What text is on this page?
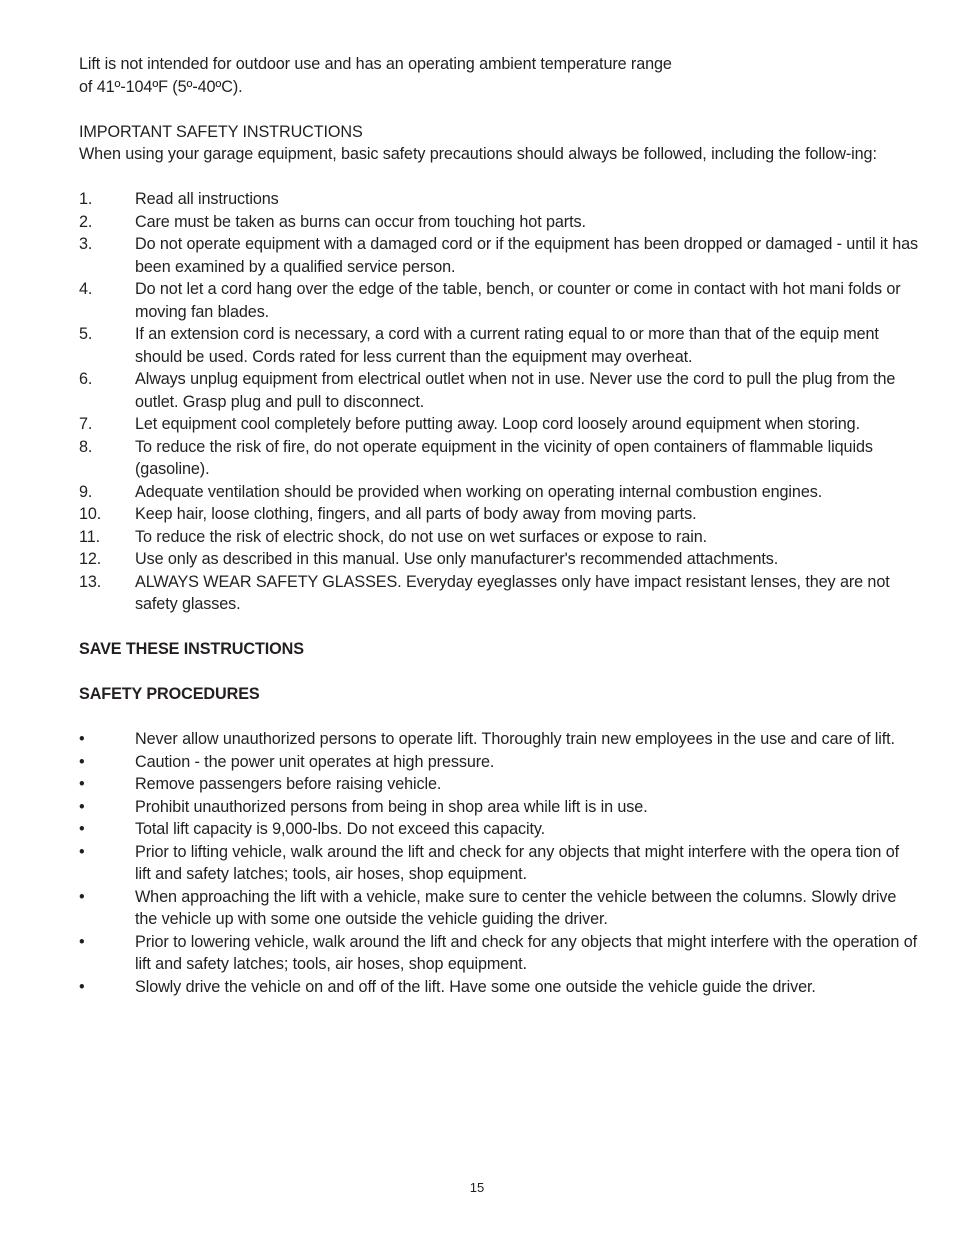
Lift is not intended for outdoor use and has an operating ambient temperature range

of 41º-104ºF (5º-40ºC).

IMPORTANT SAFETY INSTRUCTIONS

When using your garage equipment, basic safety precautions should always be followed, including the follow-ing:

1.	Read all instructions
2.	Care must be taken as burns can occur from touching hot parts.
3.	Do not operate equipment with a damaged cord or if the equipment has been dropped or damaged - until it has been examined by a qualified service person.
4.	Do not let a cord hang over the edge of the table, bench, or counter or come in contact with hot mani folds or moving fan blades.
5.	If an extension cord is necessary, a cord with a current rating equal to or more than that of the equip ment should be used. Cords rated for less current than the equipment may overheat.
6.	Always unplug equipment from electrical outlet when not in use. Never use the cord to pull the plug from the outlet. Grasp plug and pull to disconnect.
7.	Let equipment cool completely before putting away. Loop cord loosely around equipment when storing.
8.	To reduce the risk of fire, do not operate equipment in the vicinity of open containers of flammable liquids (gasoline).
9.	Adequate ventilation should be provided when working on operating internal combustion engines.
10.	Keep hair, loose clothing, fingers, and all parts of body away from moving parts.
11.	To reduce the risk of electric shock, do not use on wet surfaces or expose to rain.
12.	Use only as described in this manual. Use only manufacturer's recommended attachments.
13.	ALWAYS WEAR SAFETY GLASSES. Everyday eyeglasses only have impact resistant lenses, they are not safety glasses.

SAVE THESE INSTRUCTIONS

SAFETY PROCEDURES

•	Never allow unauthorized persons to operate lift. Thoroughly train new employees in the use and care of lift.
•	Caution - the power unit operates at high pressure.
•	Remove passengers before raising vehicle.
•	Prohibit unauthorized persons from being in shop area while lift is in use.
•	Total lift capacity is 9,000-lbs. Do not exceed this capacity.
•	Prior to lifting vehicle, walk around the lift and check for any objects that might interfere with the opera tion of lift and safety latches; tools, air hoses, shop equipment.
•	When approaching the lift with a vehicle, make sure to center the vehicle between the columns. Slowly drive the vehicle up with some one outside the vehicle guiding the driver.
•	Prior to lowering vehicle, walk around the lift and check for any objects that might interfere with the operation of lift and safety latches; tools, air hoses, shop equipment.
•	Slowly drive the vehicle on and off of the lift. Have some one outside the vehicle guide the driver.
15
